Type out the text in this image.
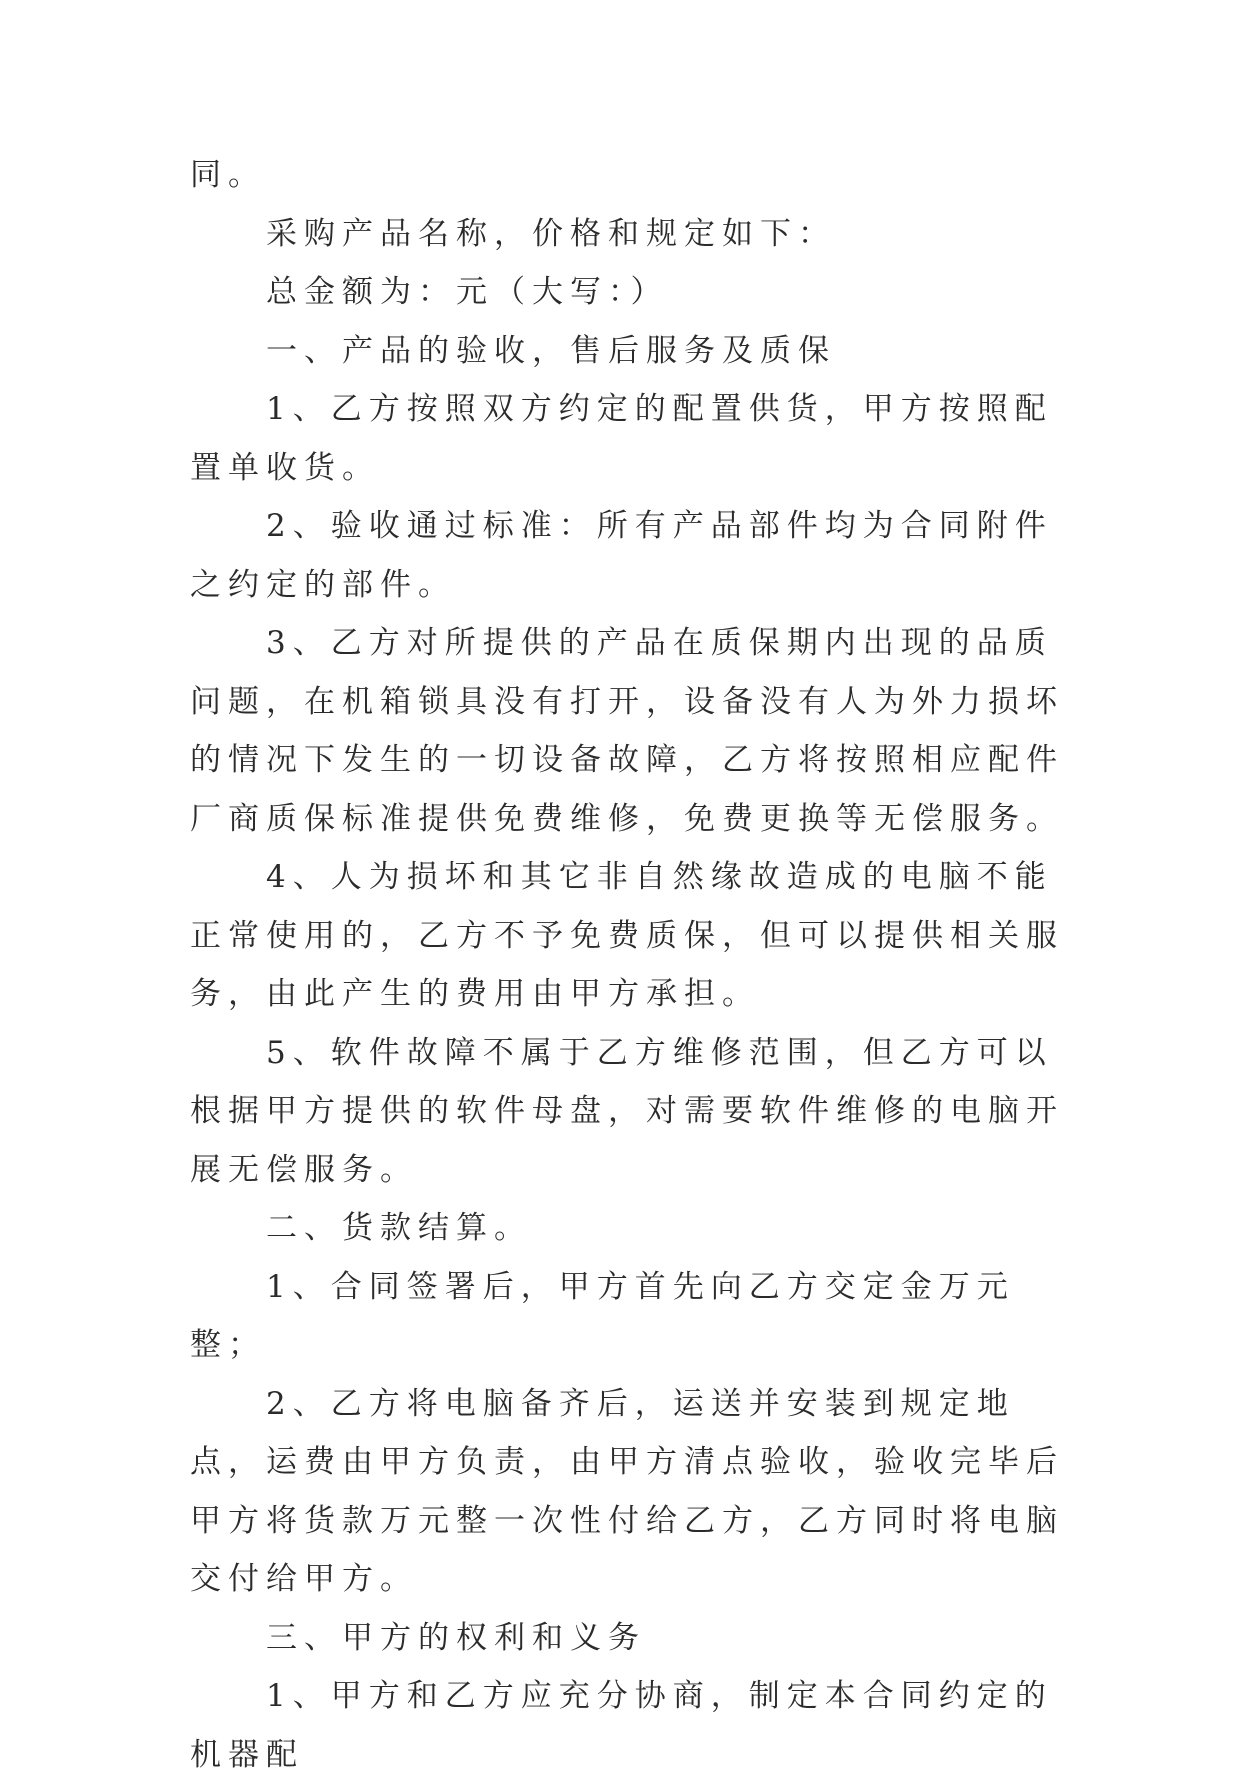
同。

　　采购产品名称，价格和规定如下：

　　总金额为：元（大写：）

　　一、产品的验收，售后服务及质保

　　1、乙方按照双方约定的配置供货，甲方按照配置单收货。

　　2、验收通过标准：所有产品部件均为合同附件之约定的部件。

　　3、乙方对所提供的产品在质保期内出现的品质问题，在机箱锁具没有打开，设备没有人为外力损坏的情况下发生的一切设备故障，乙方将按照相应配件厂商质保标准提供免费维修，免费更换等无偿服务。

　　4、人为损坏和其它非自然缘故造成的电脑不能正常使用的，乙方不予免费质保，但可以提供相关服务，由此产生的费用由甲方承担。

　　5、软件故障不属于乙方维修范围，但乙方可以根据甲方提供的软件母盘，对需要软件维修的电脑开展无偿服务。

　　二、货款结算。

　　1、合同签署后，甲方首先向乙方交定金万元整；

　　2、乙方将电脑备齐后，运送并安装到规定地点，运费由甲方负责，由甲方清点验收，验收完毕后甲方将货款万元整一次性付给乙方，乙方同时将电脑交付给甲方。

　　三、甲方的权利和义务

　　1、甲方和乙方应充分协商，制定本合同约定的机器配
